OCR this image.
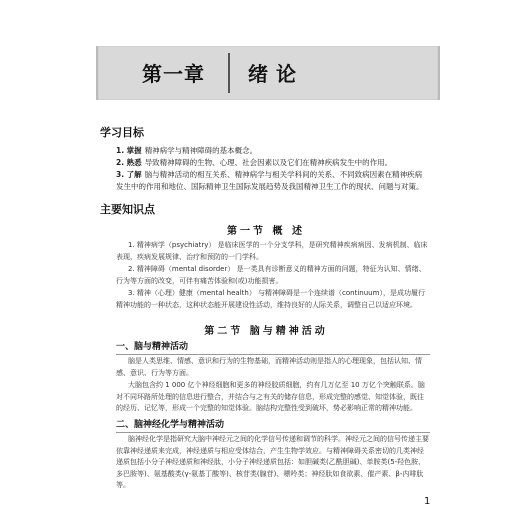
第一章 绪论
学习目标
1. 掌握 精神病学与精神障碍的基本概念。
2. 熟悉 导致精神障碍的生物、心理、社会因素以及它们在精神疾病发生中的作用。
3. 了解 脑与精神活动的相互关系、精神病学与相关学科间的关系、不同致病因素在精神疾病发生中的作用和地位、国际精神卫生国际发展趋势及我国精神卫生工作的现状、问题与对策。
主要知识点
第一节 概 述
1. 精神病学（psychiatry） 是临床医学的一个分支学科，是研究精神疾病病因、发病机制、临床表现、疾病发展规律、治疗和预防的一门学科。
2. 精神障碍（mental disorder） 是一类具有诊断意义的精神方面的问题，特征为认知、情绪、行为等方面的改变，可伴有痛苦体验和(或)功能损害。
3. 精神（心理）健康（mental health） 与精神障碍是一个连续谱（continuum），是成功履行精神功能的一种状态，这种状态能开展建设性活动，维持良好的人际关系，调整自己以适应环境。
第二节 脑与精神活动
一、脑与精神活动
脑是人类思维、情感、意识和行为的生物基础，而精神活动则是指人的心理现象，包括认知、情感、意识、行为等方面。
大脑包含约 1 000 亿个神经细胞和更多的神经胶质细胞，约有几万亿至 10 万亿个突触联系。脑对不同环路所处理的信息进行整合，并结合与之有关的储存信息，形成完整的感觉、知觉体验，既往的经历、记忆等，形成一个完整的知觉体验。脑结构完整性受到破坏，势必影响正常的精神功能。
二、脑神经化学与精神活动
脑神经化学是指研究大脑中神经元之间的化学信号传递和调节的科学。神经元之间的信号传递主要依靠神经递质来完成，神经递质与相应受体结合，产生生物学效应。与精神障碍关系密切的几类神经递质包括小分子神经递质和神经肽，小分子神经递质包括：如胆碱类(乙酰胆碱)、单胺类(5-羟色胺、多巴胺等)、氨基酸类(γ-氨基丁酸等)、核苷类(腺苷)、嘌呤类；神经肽如食欲素、催产素、β-内啡肽等。
1
